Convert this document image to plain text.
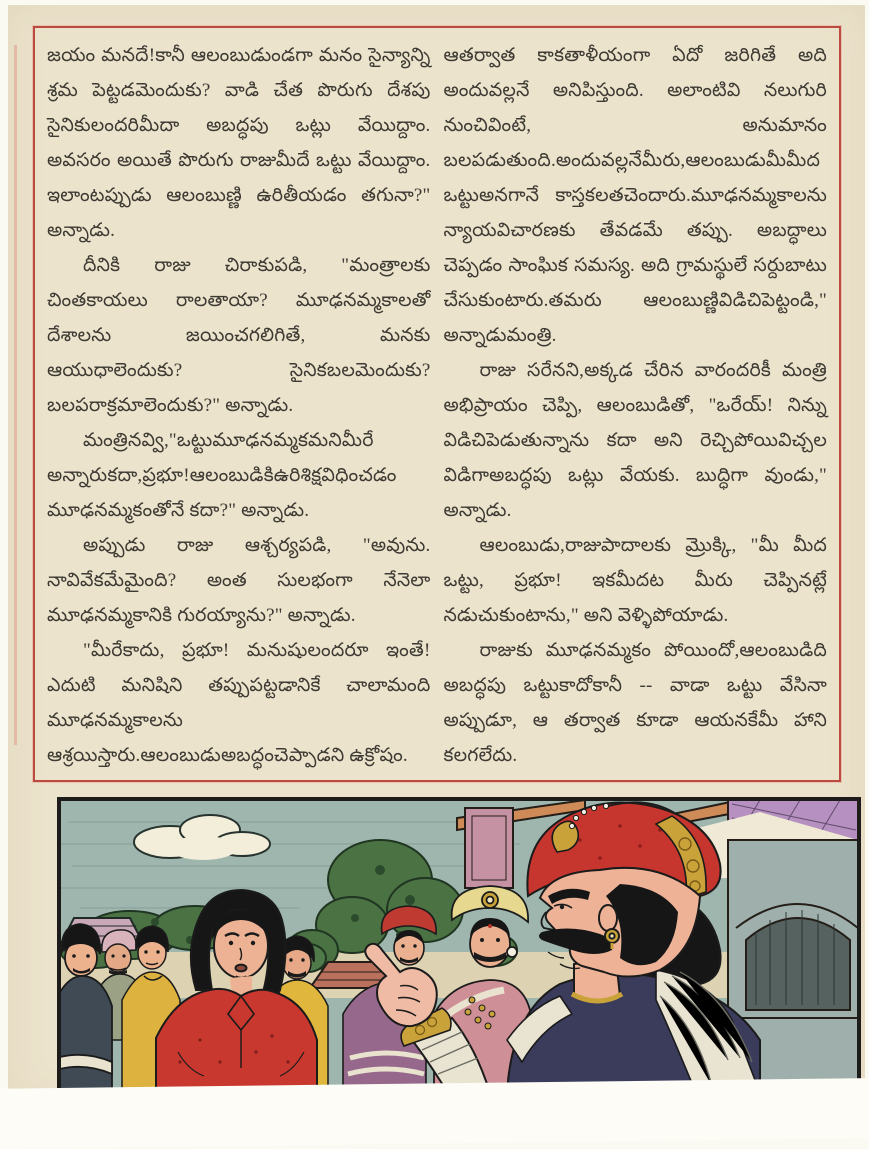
జయం మనదే!కానీ ఆలంబుడుండగా మనం సైన్యాన్ని శ్రమ పెట్టడమెందుకు? వాడి చేత పొరుగు దేశపు సైనికులందరిమీదా అబద్ధపు ఒట్లు వేయిద్దాం. అవసరం అయితే పొరుగు రాజుమీదే ఒట్టు వేయిద్దాం. ఇలాంటప్పుడు ఆలంబుణ్ణి ఉరితీయడం తగునా?" అన్నాడు.

దీనికి రాజు చిరాకుపడి, "మంత్రాలకు చింతకాయలు రాలతాయా? మూఢనమ్మకాలతో దేశాలను జయించగలిగితే, మనకు ఆయుధాలెందుకు? సైనికబలమెందుకు? బలపరాక్రమాలెందుకు?" అన్నాడు.

మంత్రినవ్వి,"ఒట్టుమూఢనమ్మకమనిమీరే అన్నారుకదా,ప్రభూ!ఆలంబుడికిఉరిశిక్షవిధించడం మూఢనమ్మకంతోనే కదా?" అన్నాడు.

అప్పుడు రాజు ఆశ్చర్యపడి, "అవును. నావివేకమేమైంది? అంత సులభంగా నేనెలా మూఢనమ్మకానికి గురయ్యాను?" అన్నాడు.

"మీరేకాదు, ప్రభూ! మనుషులందరూ ఇంతే! ఎదుటి మనిషిని తప్పుపట్టడానికే చాలామంది మూఢనమ్మకాలను ఆశ్రయిస్తారు.ఆలంబుడుఅబద్ధంచెప్పాడని ఉక్రోషం.

ఆతర్వాత కాకతాళీయంగా ఏదో జరిగితే అది అందువల్లనే అనిపిస్తుంది. అలాంటివి నలుగురి నుంచివింటే, అనుమానం బలపడుతుంది.అందువల్లనేమీరు,ఆలంబుడుమీమీద ఒట్టుఅనగానే కాస్తకలతచెందారు.మూఢనమ్మకాలను న్యాయవిచారణకు తేవడమే తప్పు. అబద్ధాలు చెప్పడం సాంఘిక సమస్య. అది గ్రామస్థులే సర్దుబాటు చేసుకుంటారు.తమరు ఆలంబుణ్ణివిడిచిపెట్టండి," అన్నాడుమంత్రి.

రాజు సరేనని,అక్కడ చేరిన వారందరికీ మంత్రి అభిప్రాయం చెప్పి, ఆలంబుడితో, "ఒరేయ్! నిన్ను విడిచిపెడుతున్నాను కదా అని రెచ్చిపోయివిచ్చల విడిగాఅబద్ధపు ఒట్లు వేయకు. బుద్ధిగా వుండు," అన్నాడు.

ఆలంబుడు,రాజుపాదాలకు మ్రొక్కి, "మీ మీద ఒట్టు, ప్రభూ! ఇకమీదట మీరు చెప్పినట్లే నడుచుకుంటాను," అని వెళ్ళిపోయాడు.

రాజుకు మూఢనమ్మకం పోయిందో,ఆలంబుడిది అబద్ధపు ఒట్టుకాదోకానీ -- వాడా ఒట్టు వేసినా అప్పుడూ, ఆ తర్వాత కూడా ఆయనకేమీ హాని కలగలేదు.
